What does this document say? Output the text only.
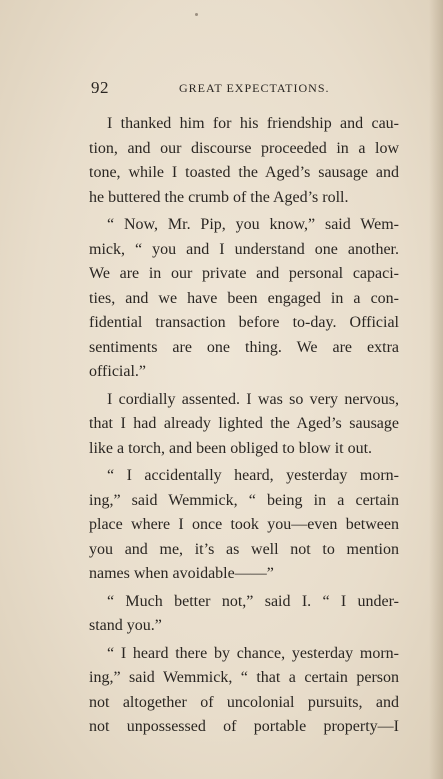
92	GREAT EXPECTATIONS.
I thanked him for his friendship and cau-
tion, and our discourse proceeded in a low
tone, while I toasted the Aged’s sausage and
he buttered the crumb of the Aged’s roll.
“ Now, Mr. Pip, you know,” said Wem-
mick, “ you and I understand one another.
We are in our private and personal capaci-
ties, and we have been engaged in a con-
fidential transaction before to-day. Official
sentiments are one thing. We are extra
official.”
I cordially assented. I was so very nervous,
that I had already lighted the Aged’s sausage
like a torch, and been obliged to blow it out.
“ I accidentally heard, yesterday morn-
ing,” said Wemmick, “ being in a certain
place where I once took you—even between
you and me, it’s as well not to mention
names when avoidable——”
“ Much better not,” said I. “ I under-
stand you.”
“ I heard there by chance, yesterday morn-
ing,” said Wemmick, “ that a certain person
not altogether of uncolonial pursuits, and
not unpossessed of portable property—I
